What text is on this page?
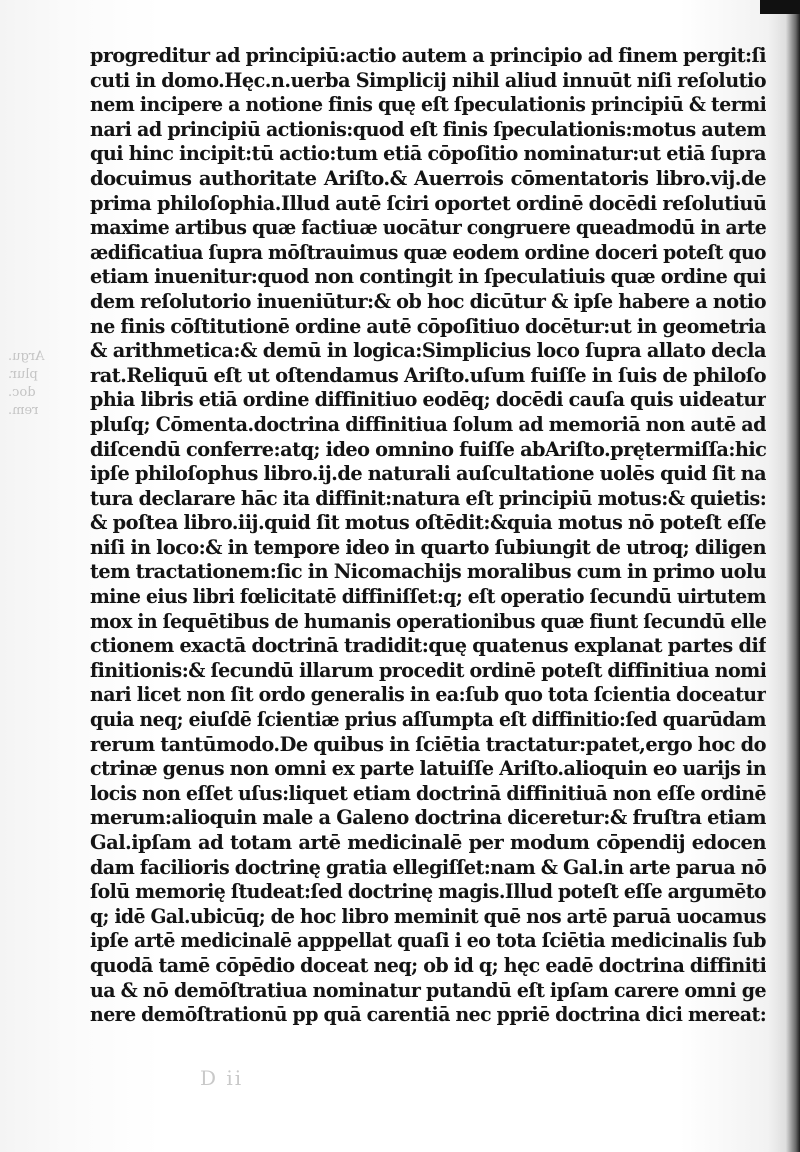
Argu.
plur.
doc.
rem.
progreditur ad principiū:actio autem a principio ad finem pergit:ſi
cuti in domo.Hęc.n.uerba Simplicij nihil aliud innuūt niſi reſolutio
nem incipere a notione finis quę eſt ſpeculationis principiū & termi
nari ad principiū actionis:quod eſt finis ſpeculationis:motus autem
qui hinc incipit:tū actio:tum etiā cōpoſitio nominatur:ut etiā ſupra
docuimus authoritate Ariſto.& Auerrois cōmentatoris libro.vij.de
prima philoſophia.Illud autē ſciri oportet ordinē docēdi reſolutiuū
maxime artibus quæ factiuæ uocātur congruere queadmodū in arte
ædificatiua ſupra mōſtrauimus quæ eodem ordine doceri poteſt quo
etiam inuenitur:quod non contingit in ſpeculatiuis quæ ordine qui
dem reſolutorio inueniūtur:& ob hoc dicūtur & ipſe habere a notio
ne finis cōſtitutionē ordine autē cōpoſitiuo docētur:ut in geometria
& arithmetica:& demū in logica:Simplicius loco ſupra allato decla
rat.Reliquū eſt ut oſtendamus Ariſto.uſum fuiſſe in ſuis de philoſo
phia libris etiā ordine diffinitiuo eodēq; docēdi cauſa quis uideatur
pluſq; Cōmenta.doctrina diffinitiua ſolum ad memoriā non autē ad
diſcendū conferre:atq; ideo omnino fuiſſe abAriſto.prętermiſſa:hic
ipſe philoſophus libro.ij.de naturali auſcultatione uolēs quid ſit na
tura declarare hāc ita diffinit:natura eſt principiū motus:& quietis:
& poſtea libro.iij.quid ſit motus oſtēdit:&quia motus nō poteſt eſſe
niſi in loco:& in tempore ideo in quarto ſubiungit de utroq; diligen
tem tractationem:ſic in Nicomachijs moralibus cum in primo uolu
mine eius libri fœlicitatē diffiniſſet:q; eſt operatio ſecundū uirtutem
mox in ſequētibus de humanis operationibus quæ fiunt ſecundū elle
ctionem exactā doctrinā tradidit:quę quatenus explanat partes dif
finitionis:& ſecundū illarum procedit ordinē poteſt diffinitiua nomi
nari licet non ſit ordo generalis in ea:ſub quo tota ſcientia doceatur
quia neq; eiuſdē ſcientiæ prius aſſumpta eſt diffinitio:ſed quarūdam
rerum tantūmodo.De quibus in ſciētia tractatur:patet,ergo hoc do
ctrinæ genus non omni ex parte latuiſſe Ariſto.alioquin eo uarijs in
locis non eſſet uſus:liquet etiam doctrinā diffinitiuā non eſſe ordinē
merum:alioquin male a Galeno doctrina diceretur:& fruſtra etiam
Gal.ipſam ad totam artē medicinalē per modum cōpendij edocen
dam facilioris doctrinę gratia ellegiſſet:nam & Gal.in arte parua nō
ſolū memorię ſtudeat:ſed doctrinę magis.Illud poteſt eſſe argumēto
q; idē Gal.ubicūq; de hoc libro meminit quē nos artē paruā uocamus
ipſe artē medicinalē apppellat quaſi i eo tota ſciētia medicinalis ſub
quodā tamē cōpēdio doceat neq; ob id q; hęc eadē doctrina diffiniti
ua & nō demōſtratiua nominatur putandū eſt ipſam carere omni ge
nere demōſtrationū pp quā carentiā nec ppriē doctrina dici mereat:
D ii
